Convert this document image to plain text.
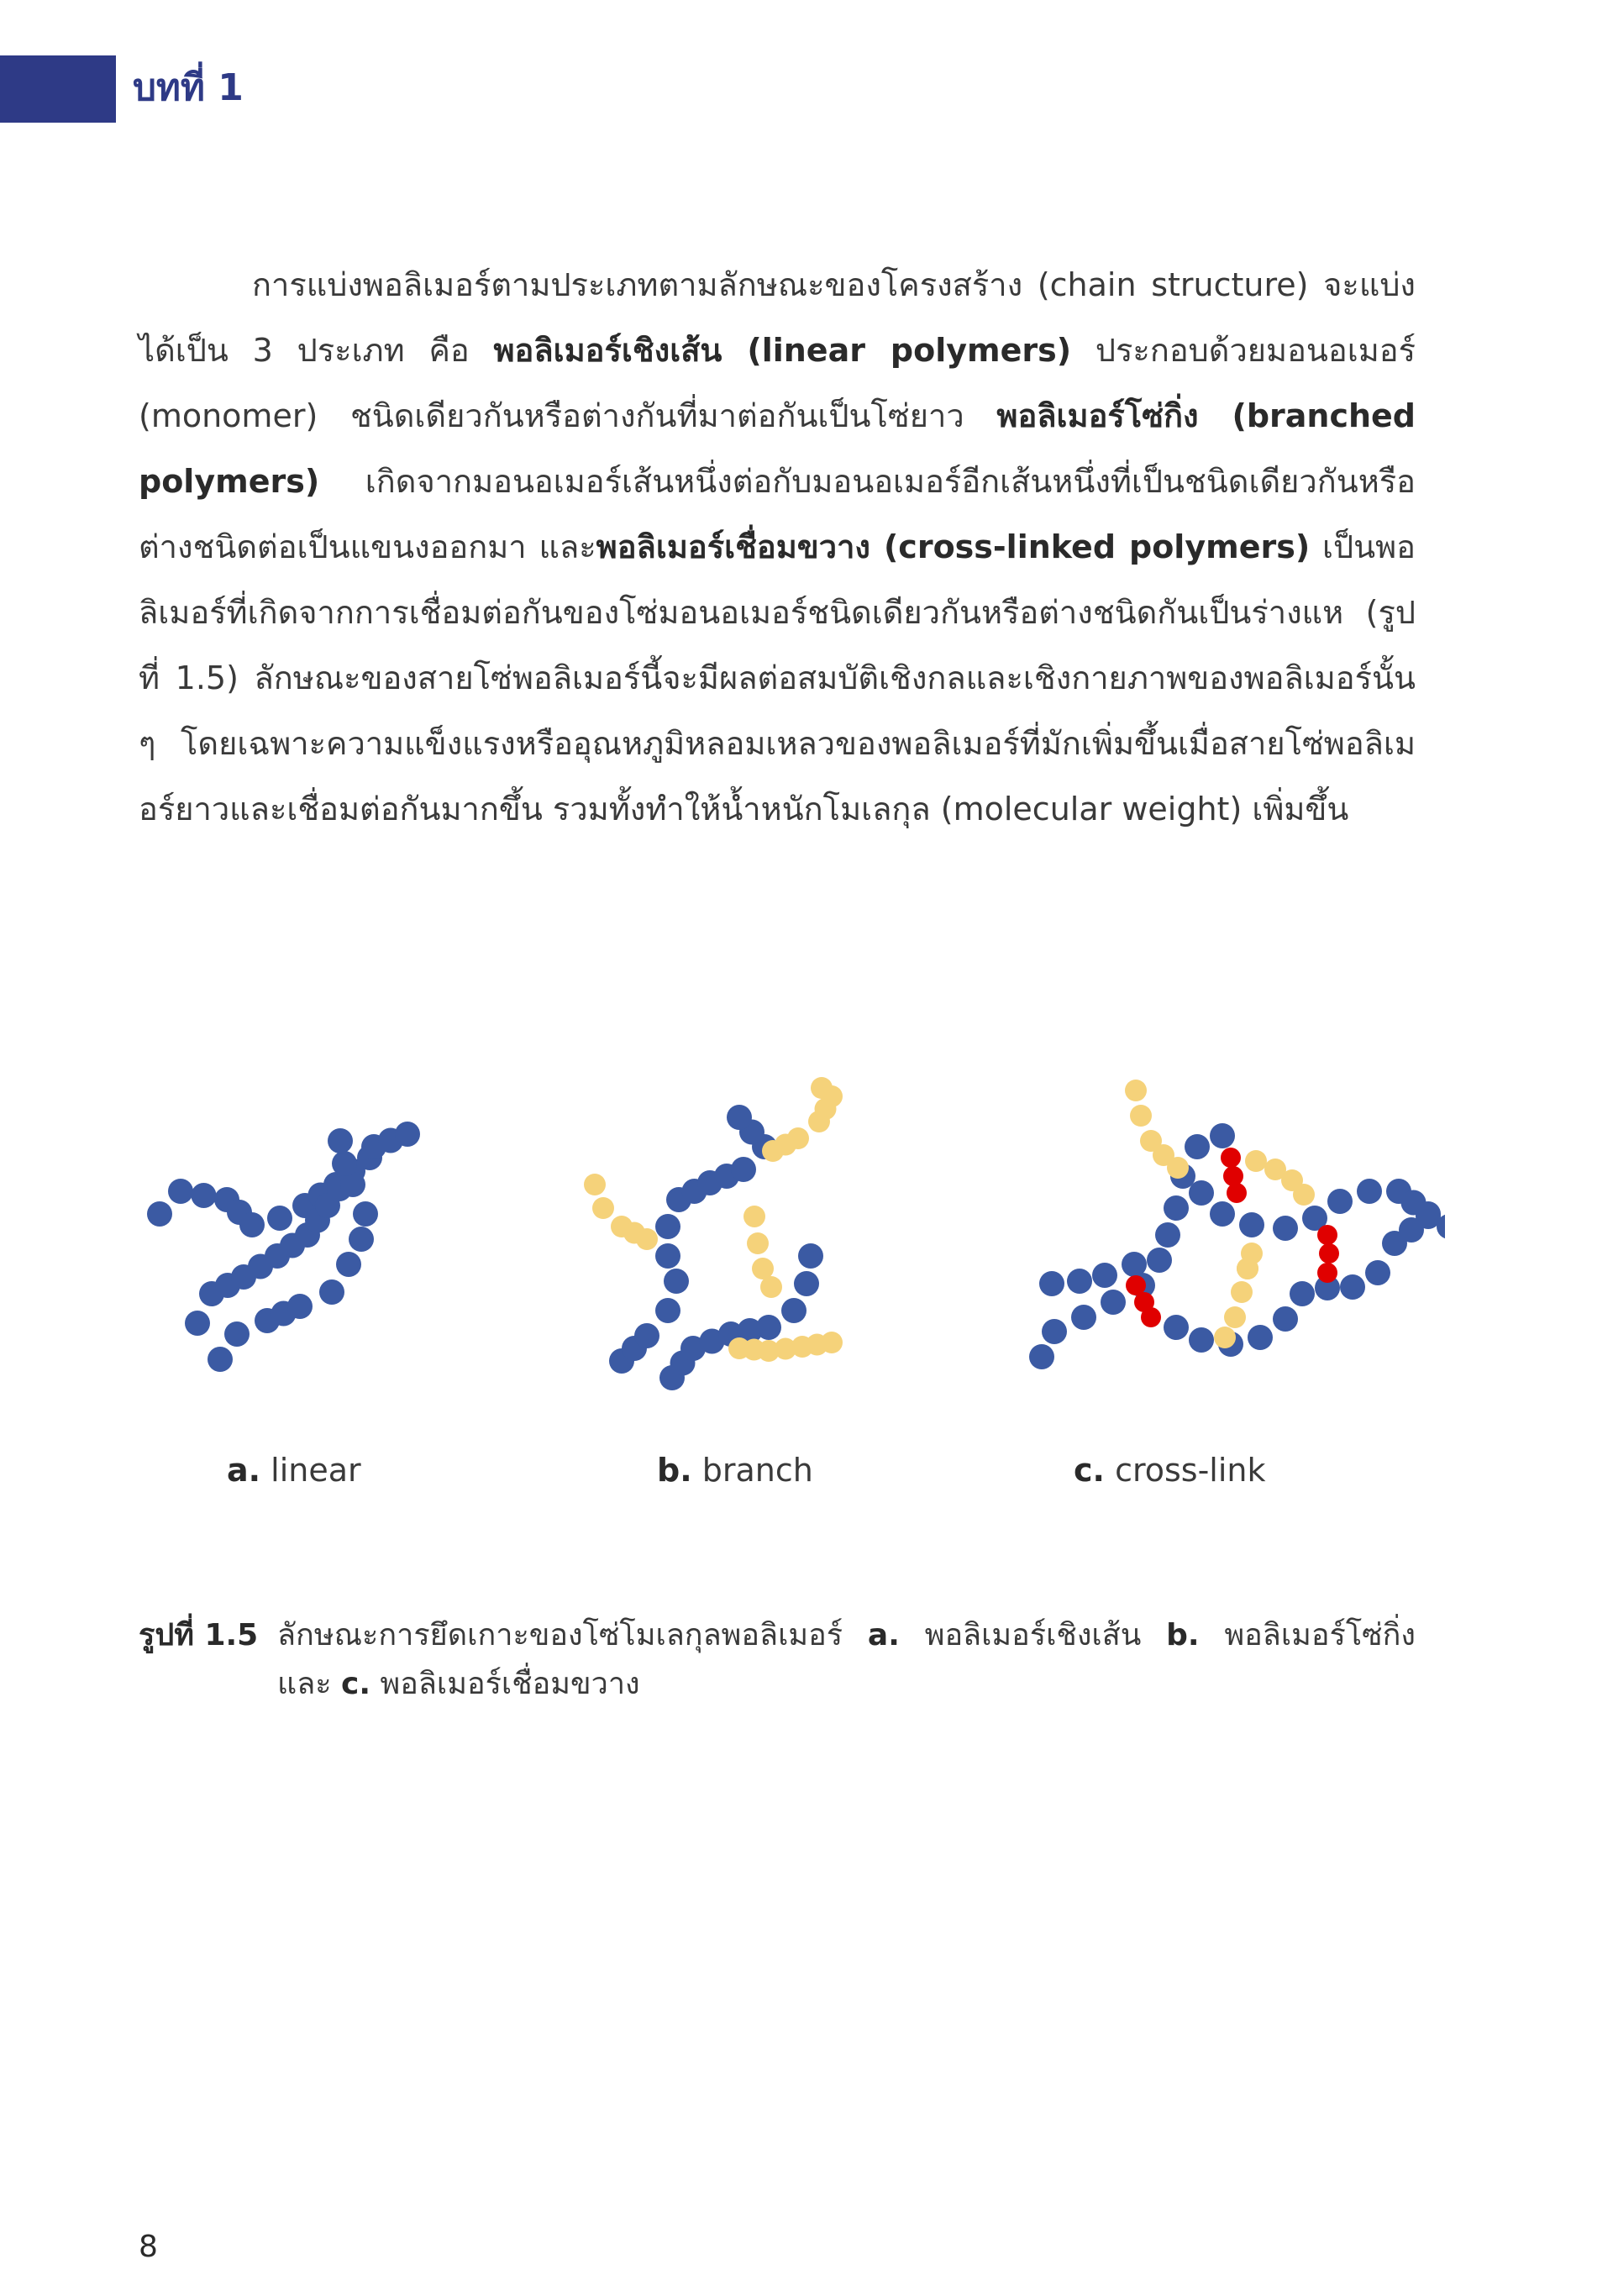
บทที่ 1
การแบ่งพอลิเมอร์ตามประเภทตามลักษณะของโครงสร้าง (chain structure) จะแบ่งได้เป็น 3 ประเภท คือ พอลิเมอร์เชิงเส้น (linear polymers) ประกอบด้วยมอนอเมอร์ (monomer) ชนิดเดียวกันหรือต่างกันที่มาต่อกันเป็นโซ่ยาว พอลิเมอร์โซ่กิ่ง (branched polymers) เกิดจากมอนอเมอร์เส้นหนึ่งต่อกับมอนอเมอร์อีกเส้นหนึ่งที่เป็นชนิดเดียวกันหรือต่างชนิดต่อเป็นแขนงออกมา และพอลิเมอร์เชื่อมขวาง (cross-linked polymers) เป็นพอลิเมอร์ที่เกิดจากการเชื่อมต่อกันของโซ่มอนอเมอร์ชนิดเดียวกันหรือต่างชนิดกันเป็นร่างแห (รูปที่ 1.5) ลักษณะของสายโซ่พอลิเมอร์นี้จะมีผลต่อสมบัติเชิงกลและเชิงกายภาพของพอลิเมอร์นั้น ๆ โดยเฉพาะความแข็งแรงหรืออุณหภูมิหลอมเหลวของพอลิเมอร์ที่มักเพิ่มขึ้นเมื่อสายโซ่พอลิเมอร์ยาวและเชื่อมต่อกันมากขึ้น รวมทั้งทำให้น้ำหนักโมเลกุล (molecular weight) เพิ่มขึ้น
a. linear	b. branch	c. cross-link
รูปที่ 1.5 ลักษณะการยึดเกาะของโซ่โมเลกุลพอลิเมอร์ a. พอลิเมอร์เชิงเส้น b. พอลิเมอร์โซ่กิ่ง และ c. พอลิเมอร์เชื่อมขวาง
8
